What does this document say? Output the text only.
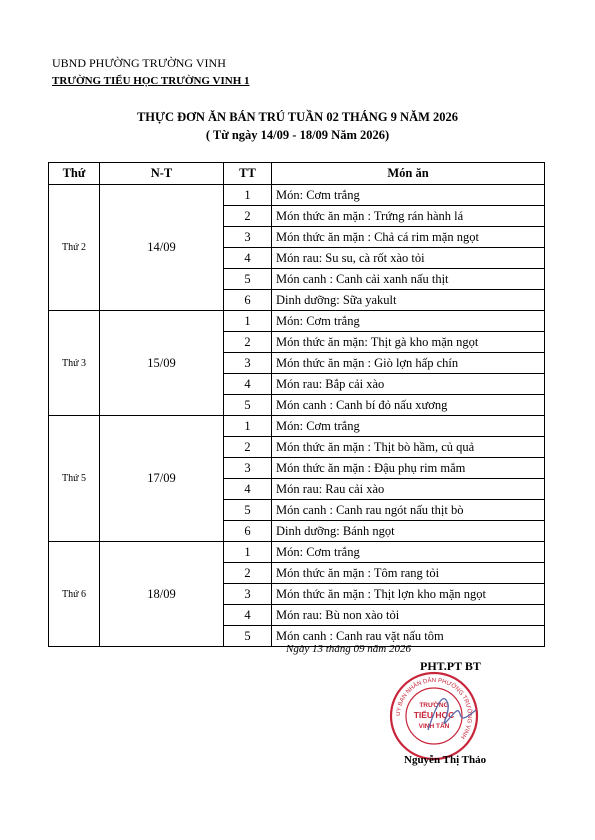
UBND PHƯỜNG TRƯỜNG VINH
TRƯỜNG TIỂU HỌC TRƯỜNG VINH 1
THỰC ĐƠN ĂN BÁN TRÚ TUẦN 02 THÁNG 9 NĂM 2026
( Từ ngày 14/09 - 18/09 Năm 2026)
Thứ	N-T	TT	Món ăn
Thứ 2	14/09	1	Món: Cơm trắng
		2	Món thức ăn mặn : Trứng rán hành lá
		3	Món thức ăn mặn : Chả cá rim mặn ngọt
		4	Món rau: Su su, cà rốt xào tỏi
		5	Món canh : Canh cải xanh nấu thịt
		6	Dinh dưỡng: Sữa yakult
Thứ 3	15/09	1	Món: Cơm trắng
		2	Món thức ăn mặn: Thịt gà kho mặn ngọt
		3	Món thức ăn mặn : Giò lợn hấp chín
		4	Món rau: Bắp cải xào
		5	Món canh : Canh bí đỏ nấu xương
Thứ 5	17/09	1	Món: Cơm trắng
		2	Món thức ăn mặn : Thịt bò hầm, củ quả
		3	Món thức ăn mặn : Đậu phụ rim mắm
		4	Món rau: Rau cải xào
		5	Món canh : Canh rau ngót nấu thịt bò
		6	Dinh dưỡng: Bánh ngọt
Thứ 6	18/09	1	Món: Cơm trắng
		2	Món thức ăn mặn : Tôm rang tỏi
		3	Món thức ăn mặn : Thịt lợn kho mặn ngọt
		4	Món rau: Bù non xào tỏi
		5	Món canh : Canh rau vặt nấu tôm
Ngày 13 tháng 09 năm 2026
PHT.PT BT
UY BAN NHÂN DÂN PHƯỜNG TRƯỜNG VINH
TRƯỜNG
TIỂU HỌC
VINH TÂN
Nguyễn Thị Thảo
